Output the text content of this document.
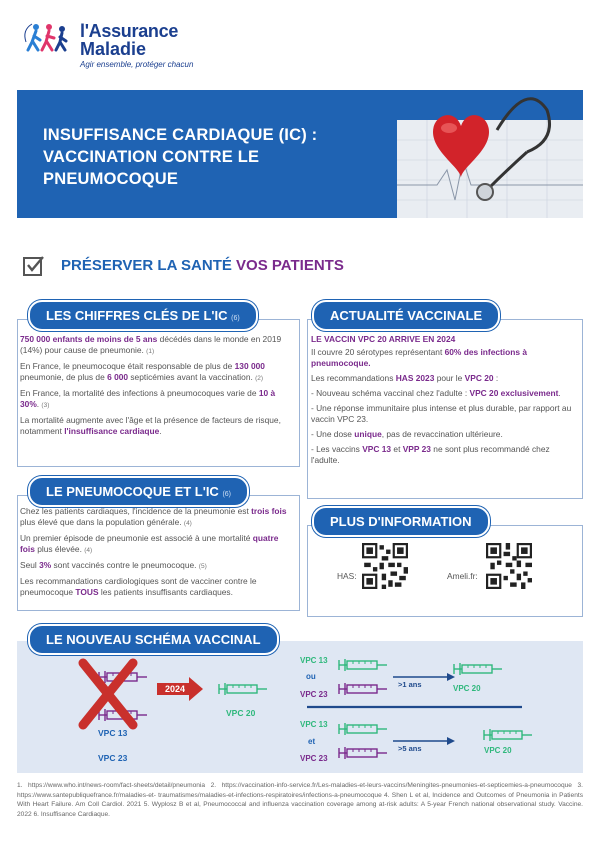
l'Assurance
Maladie
Agir ensemble, protéger chacun
INSUFFISANCE CARDIAQUE (IC) : VACCINATION CONTRE LE PNEUMOCOQUE
PRÉSERVER LA SANTÉ VOS PATIENTS
LES CHIFFRES CLÉS DE L'IC (6)

750 000 enfants de moins de 5 ans décédés dans le monde en 2019 (14%) pour cause de pneumonie. (1)

En France, le pneumocoque était responsable de plus de 130 000 pneumonie, de plus de 6 000 septicémies avant la vaccination. (2)

En France, la mortalité des infections à pneumocoques varie de 10 à 30%. (3)

La mortalité augmente avec l'âge et la présence de facteurs de risque, notamment l'insuffisance cardiaque.

LE PNEUMOCOQUE ET L'IC (6)

Chez les patients cardiaques, l'incidence de la pneumonie est trois fois plus élevé que dans la population générale. (4)

Un premier épisode de pneumonie est associé à une mortalité quatre fois plus élevée. (4)

Seul 3% sont vaccinés contre le pneumocoque. (5)

Les recommandations cardiologiques sont de vacciner contre le pneumocoque TOUS les patients insuffisants cardiaques.

ACTUALITÉ VACCINALE

LE VACCIN VPC 20 ARRIVE EN 2024

Il couvre 20 sérotypes représentant 60% des infections à pneumocoque.

Les recommandations HAS 2023 pour le VPC 20 :

- Nouveau schéma vaccinal chez l'adulte : VPC 20 exclusivement.

- Une réponse immunitaire plus intense et plus durable, par rapport au vaccin VPC 23.

- Une dose unique, pas de revaccination ultérieure.

- Les vaccins VPC 13 et VPP 23 ne sont plus recommandé chez l'adulte.

PLUS D'INFORMATION
HAS:	Ameli.fr:
LE NOUVEAU SCHÉMA VACCINAL
2024
VPC 13
VPC 23
VPC 20
VPC 13
ou
VPC 23
>1 ans	VPC 20
VPC 13
et
VPC 23
>5 ans	VPC 20
1. https://www.who.int/news-room/fact-sheets/detail/pneumonia 2. https://vaccination-info-service.fr/Les-maladies-et-leurs-vaccins/Meningites-pneumonies-et-septicemies-a-pneumocoque 3. https://www.santepubliquefrance.fr/maladies-et- traumatismes/maladies-et-infections-respiratoires/infections-a-pneumocoque 4. Shen L et al, Incidence and Outcomes of Pneumonia in Patients With Heart Failure. Am Coll Cardiol. 2021 5. Wyplosz B et al, Pneumococcal and influenza vaccination coverage among at-risk adults: A 5-year French national observational study. Vaccine. 2022 6. Insuffisance Cardiaque.
